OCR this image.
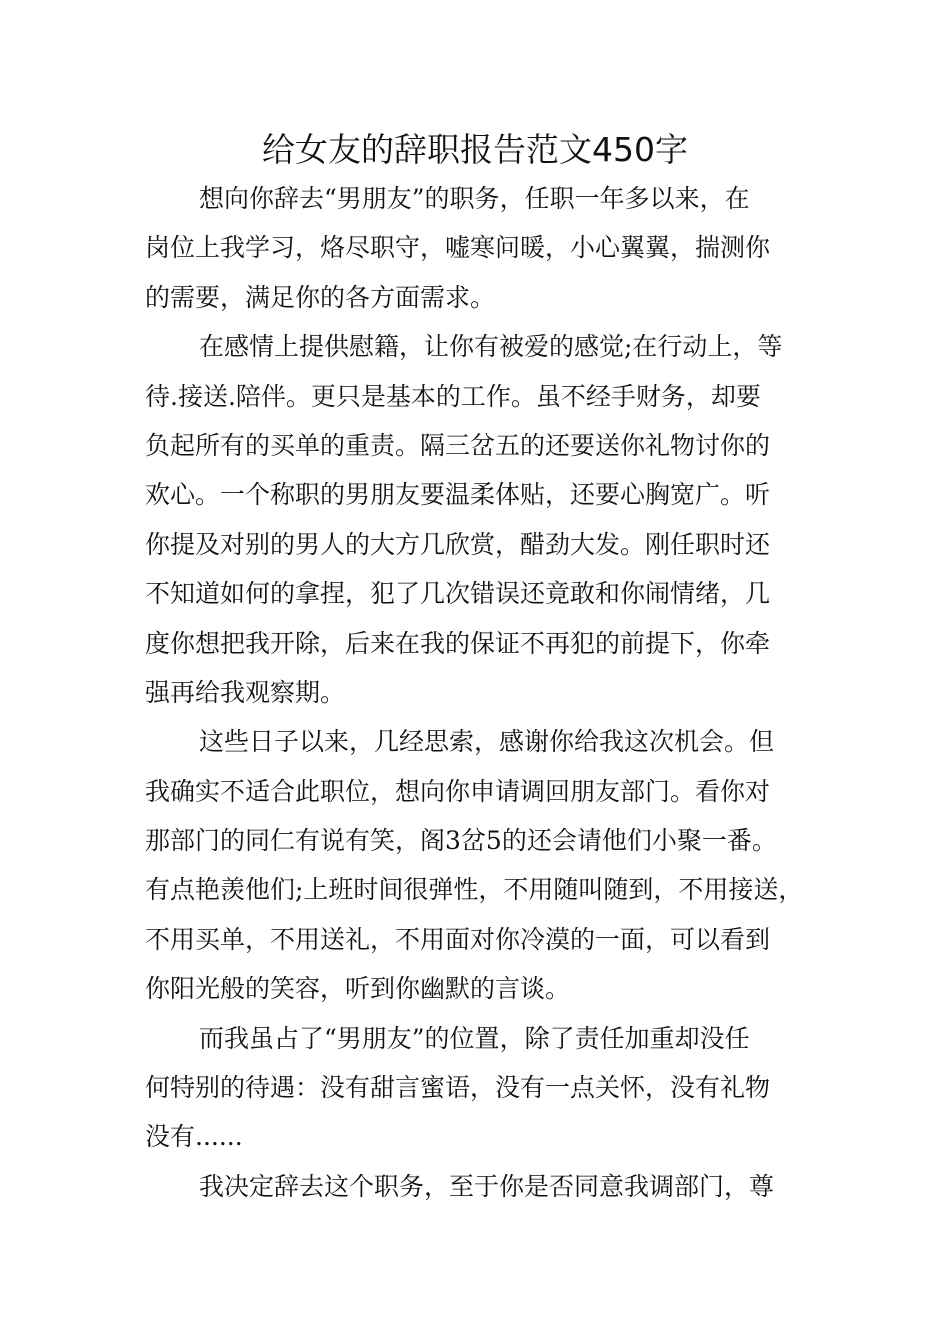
给女友的辞职报告范文450字
想向你辞去“男朋友”的职务，任职一年多以来，在
岗位上我学习，烙尽职守，嘘寒问暖，小心翼翼，揣测你
的需要，满足你的各方面需求。
在感情上提供慰籍，让你有被爱的感觉;在行动上，等
待.接送.陪伴。更只是基本的工作。虽不经手财务，却要
负起所有的买单的重责。隔三岔五的还要送你礼物讨你的
欢心。一个称职的男朋友要温柔体贴，还要心胸宽广。听
你提及对别的男人的大方几欣赏，醋劲大发。刚任职时还
不知道如何的拿捏，犯了几次错误还竟敢和你闹情绪，几
度你想把我开除，后来在我的保证不再犯的前提下，你牵
强再给我观察期。
这些日子以来，几经思索，感谢你给我这次机会。但
我确实不适合此职位，想向你申请调回朋友部门。看你对
那部门的同仁有说有笑，阁3岔5的还会请他们小聚一番。
有点艳羡他们;上班时间很弹性，不用随叫随到，不用接送，
不用买单，不用送礼，不用面对你冷漠的一面，可以看到
你阳光般的笑容，听到你幽默的言谈。
而我虽占了“男朋友”的位置，除了责任加重却没任
何特别的待遇：没有甜言蜜语，没有一点关怀，没有礼物
没有......
我决定辞去这个职务，至于你是否同意我调部门，尊
